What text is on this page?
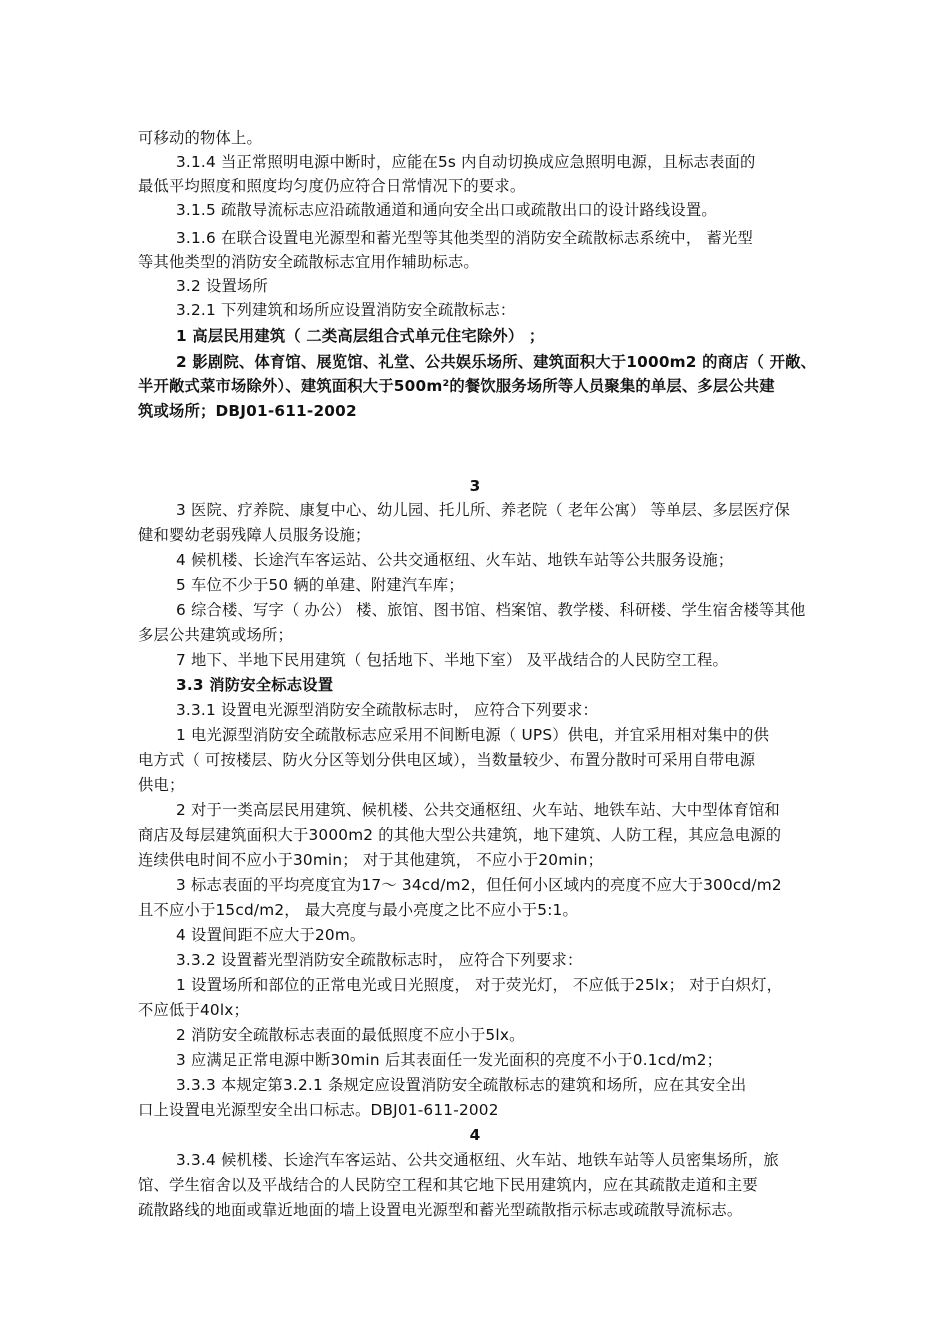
可移动的物体上。
3.1.4 当正常照明电源中断时，应能在5s 内自动切换成应急照明电源，且标志表面的
最低平均照度和照度均匀度仍应符合日常情况下的要求。
3.1.5 疏散导流标志应沿疏散通道和通向安全出口或疏散出口的设计路线设置。
3.1.6 在联合设置电光源型和蓄光型等其他类型的消防安全疏散标志系统中， 蓄光型
等其他类型的消防安全疏散标志宜用作辅助标志。
3.2 设置场所
3.2.1 下列建筑和场所应设置消防安全疏散标志：
1 高层民用建筑（ 二类高层组合式单元住宅除外） ；
2 影剧院、体育馆、展览馆、礼堂、公共娱乐场所、建筑面积大于1000m2 的商店（ 开敞、
半开敞式菜市场除外）、建筑面积大于500m²的餐饮服务场所等人员聚集的单层、多层公共建
筑或场所；DBJ01-611-2002
3
3 医院、疗养院、康复中心、幼儿园、托儿所、养老院（ 老年公寓） 等单层、多层医疗保
健和婴幼老弱残障人员服务设施；
4 候机楼、长途汽车客运站、公共交通枢纽、火车站、地铁车站等公共服务设施；
5 车位不少于50 辆的单建、附建汽车库；
6 综合楼、写字（ 办公） 楼、旅馆、图书馆、档案馆、教学楼、科研楼、学生宿舍楼等其他
多层公共建筑或场所；
7 地下、半地下民用建筑（ 包括地下、半地下室） 及平战结合的人民防空工程。
3.3 消防安全标志设置
3.3.1 设置电光源型消防安全疏散标志时， 应符合下列要求：
1 电光源型消防安全疏散标志应采用不间断电源（ UPS）供电，并宜采用相对集中的供
电方式（ 可按楼层、防火分区等划分供电区域），当数量较少、布置分散时可采用自带电源
供电；
2 对于一类高层民用建筑、候机楼、公共交通枢纽、火车站、地铁车站、大中型体育馆和
商店及每层建筑面积大于3000m2 的其他大型公共建筑，地下建筑、人防工程，其应急电源的
连续供电时间不应小于30min； 对于其他建筑， 不应小于20min；
3 标志表面的平均亮度宜为17～ 34cd/m2，但任何小区域内的亮度不应大于300cd/m2
且不应小于15cd/m2， 最大亮度与最小亮度之比不应小于5:1。
4 设置间距不应大于20m。
3.3.2 设置蓄光型消防安全疏散标志时， 应符合下列要求：
1 设置场所和部位的正常电光或日光照度， 对于荧光灯， 不应低于25lx； 对于白炽灯，
不应低于40lx；
2 消防安全疏散标志表面的最低照度不应小于5lx。
3 应满足正常电源中断30min 后其表面任一发光面积的亮度不小于0.1cd/m2；
3.3.3 本规定第3.2.1 条规定应设置消防安全疏散标志的建筑和场所，应在其安全出
口上设置电光源型安全出口标志。DBJ01-611-2002
4
3.3.4 候机楼、长途汽车客运站、公共交通枢纽、火车站、地铁车站等人员密集场所，旅
馆、学生宿舍以及平战结合的人民防空工程和其它地下民用建筑内，应在其疏散走道和主要
疏散路线的地面或靠近地面的墙上设置电光源型和蓄光型疏散指示标志或疏散导流标志。
